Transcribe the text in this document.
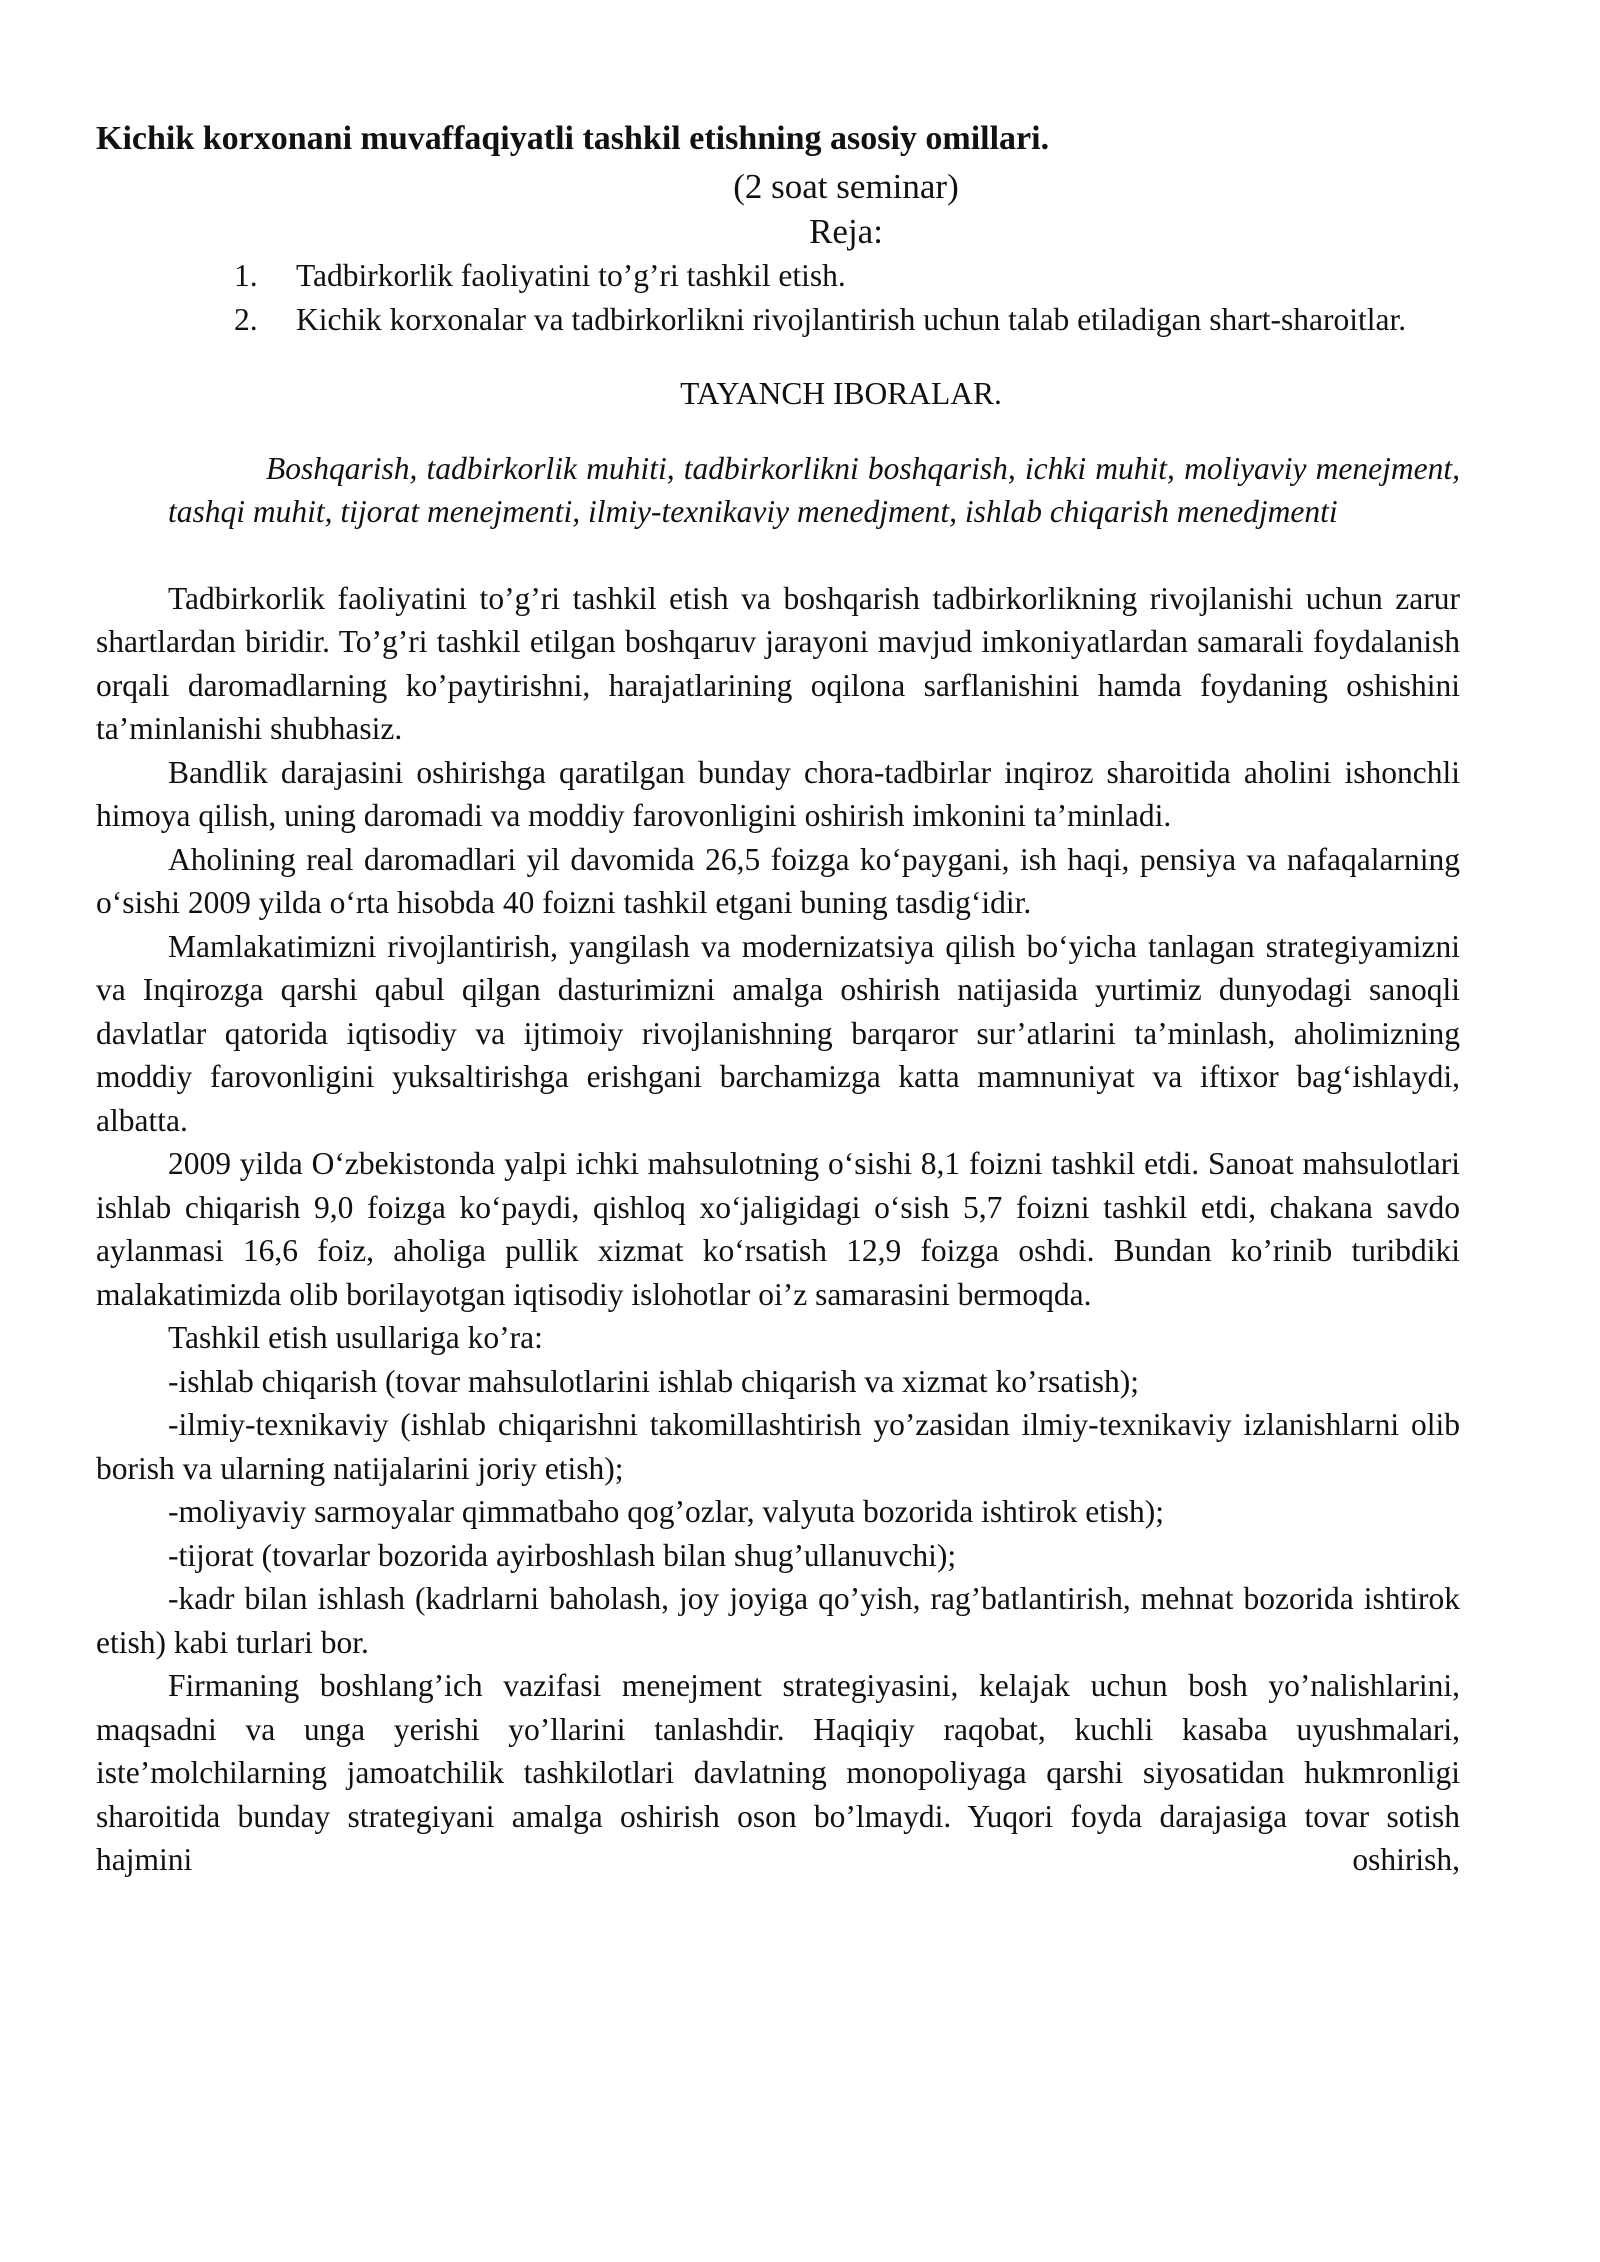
Kichik korxonani muvaffaqiyatli tashkil etishning asosiy omillari.

(2 soat seminar)

Reja:

1. Tadbirkorlik faoliyatini to’g’ri tashkil etish.
2. Kichik korxonalar va tadbirkorlikni rivojlantirish uchun talab etiladigan shart-sharoitlar.

TAYANCH IBORALAR.

Boshqarish, tadbirkorlik muhiti, tadbirkorlikni boshqarish, ichki muhit, moliyaviy menejment, tashqi muhit, tijorat menejmenti, ilmiy-texnikaviy menedjment, ishlab chiqarish menedjmenti

Tadbirkorlik faoliyatini to’g’ri tashkil etish va boshqarish tadbirkorlikning rivojlanishi uchun zarur shartlardan biridir. To’g’ri tashkil etilgan boshqaruv jarayoni mavjud imkoniyatlardan samarali foydalanish orqali daromadlarning ko’paytirishni, harajatlarining oqilona sarflanishini hamda foydaning oshishini ta’minlanishi shubhasiz.

Bandlik darajasini oshirishga qaratilgan bunday chora-tadbirlar inqiroz sharoitida aholini ishonchli himoya qilish, uning daromadi va moddiy farovonligini oshirish imkonini ta’minladi.

Aholining real daromadlari yil davomida 26,5 foizga ko‘paygani, ish haqi, pensiya va nafaqalarning o‘sishi 2009 yilda o‘rta hisobda 40 foizni tashkil etgani buning tasdig‘idir.

Mamlakatimizni rivojlantirish, yangilash va modernizatsiya qilish bo‘yicha tanlagan strategiyamizni va Inqirozga qarshi qabul qilgan dasturimizni amalga oshirish natijasida yurtimiz dunyodagi sanoqli davlatlar qatorida iqtisodiy va ijtimoiy rivojlanishning barqaror sur’atlarini ta’minlash, aholimizning moddiy farovonligini yuksaltirishga erishgani barchamizga katta mamnuniyat va iftixor bag‘ishlaydi, albatta.

2009 yilda O‘zbekistonda yalpi ichki mahsulotning o‘sishi 8,1 foizni tashkil etdi. Sanoat mahsulotlari ishlab chiqarish 9,0 foizga ko‘paydi, qishloq xo‘jaligidagi o‘sish 5,7 foizni tashkil etdi, chakana savdo aylanmasi 16,6 foiz, aholiga pullik xizmat ko‘rsatish 12,9 foizga oshdi. Bundan ko’rinib turibdiki malakatimizda olib borilayotgan iqtisodiy islohotlar oi’z samarasini bermoqda.

Tashkil etish usullariga ko’ra:

-ishlab chiqarish (tovar mahsulotlarini ishlab chiqarish va xizmat ko’rsatish);

-ilmiy-texnikaviy (ishlab chiqarishni takomillashtirish yo’zasidan ilmiy-texnikaviy izlanishlarni olib borish va ularning natijalarini joriy etish);

-moliyaviy sarmoyalar qimmatbaho qog’ozlar, valyuta bozorida ishtirok etish);

-tijorat (tovarlar bozorida ayirboshlash bilan shug’ullanuvchi);

-kadr bilan ishlash (kadrlarni baholash, joy joyiga qo’yish, rag’batlantirish, mehnat bozorida ishtirok etish) kabi turlari bor.

Firmaning boshlang’ich vazifasi menejment strategiyasini, kelajak uchun bosh yo’nalishlarini, maqsadni va unga yerishi yo’llarini tanlashdir. Haqiqiy raqobat, kuchli kasaba uyushmalari, iste’molchilarning jamoatchilik tashkilotlari davlatning monopoliyaga qarshi siyosatidan hukmronligi sharoitida bunday strategiyani amalga oshirish oson bo’lmaydi. Yuqori foyda darajasiga tovar sotish hajmini oshirish,
